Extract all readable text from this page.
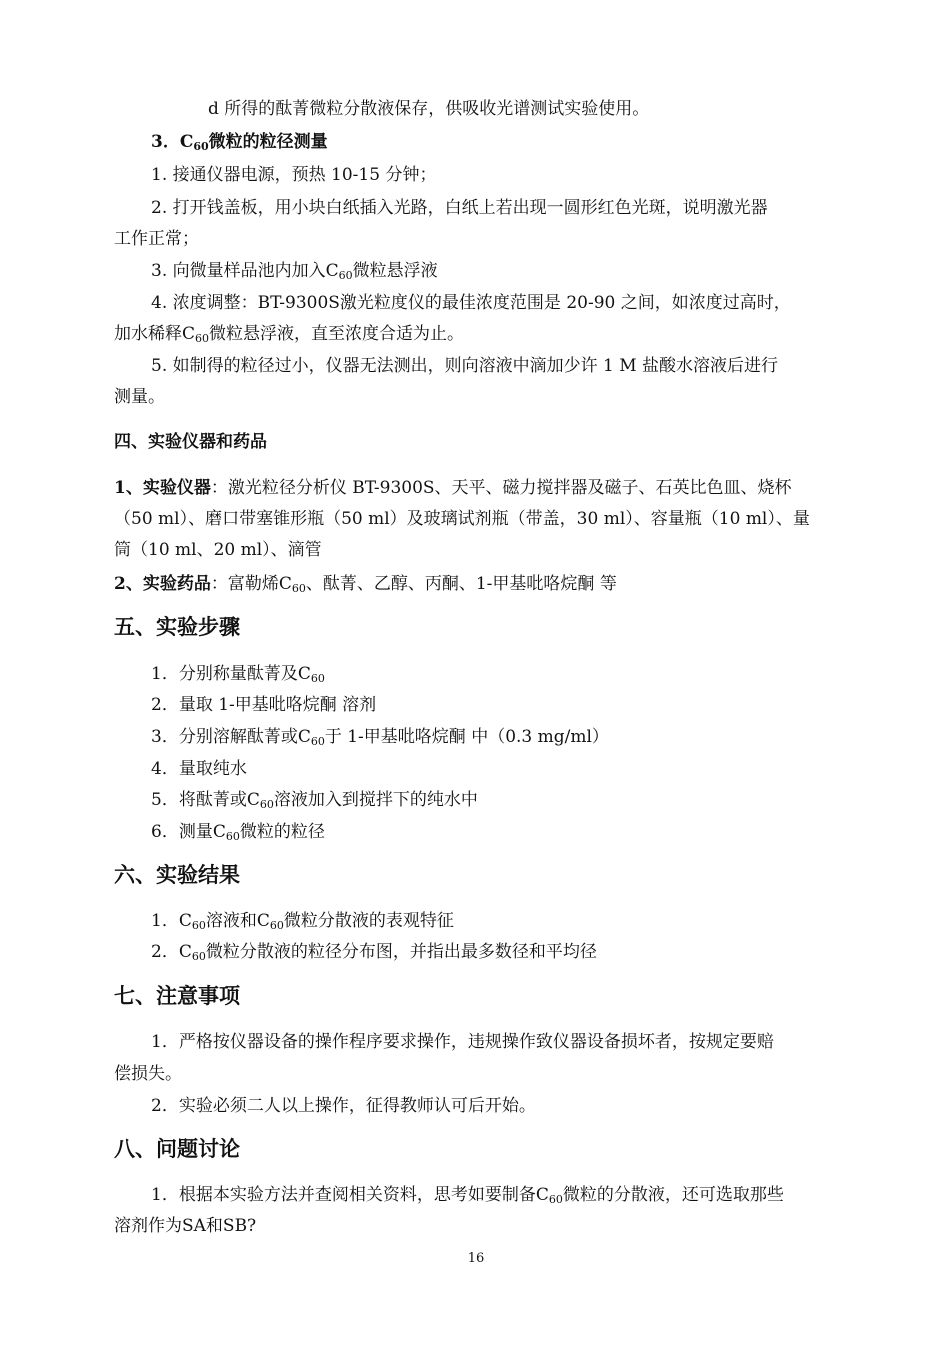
d 所得的酞菁微粒分散液保存，供吸收光谱测试实验使用。
3．$C_{60}$微粒的粒径测量
1. 接通仪器电源，预热 10-15 分钟；
2. 打开钱盖板，用小块白纸插入光路，白纸上若出现一圆形红色光斑，说明激光器
工作正常；
3. 向微量样品池内加入$C_{60}$微粒悬浮液
4. 浓度调整：BT-9300S激光粒度仪的最佳浓度范围是 20-90 之间，如浓度过高时，
加水稀释$C_{60}$微粒悬浮液，直至浓度合适为止。
5. 如制得的粒径过小，仪器无法测出，则向溶液中滴加少许 1 M 盐酸水溶液后进行
测量。
四、实验仪器和药品
1、实验仪器：激光粒径分析仪 BT-9300S、天平、磁力搅拌器及磁子、石英比色皿、烧杯
（50 ml）、磨口带塞锥形瓶（50 ml）及玻璃试剂瓶（带盖，30 ml）、容量瓶（10 ml）、量
筒（10 ml、20 ml）、滴管
2、实验药品：富勒烯$C_{60}$、酞菁、乙醇、丙酮、1-甲基吡咯烷酮 等
五、实验步骤
1．分别称量酞菁及$C_{60}$
2．量取 1-甲基吡咯烷酮 溶剂
3．分别溶解酞菁或$C_{60}$于 1-甲基吡咯烷酮 中（0.3 mg/ml）
4．量取纯水
5．将酞菁或$C_{60}$溶液加入到搅拌下的纯水中
6．测量$C_{60}$微粒的粒径
六、实验结果
1．$C_{60}$溶液和$C_{60}$微粒分散液的表观特征
2．$C_{60}$微粒分散液的粒径分布图，并指出最多数径和平均径
七、注意事项
1．严格按仪器设备的操作程序要求操作，违规操作致仪器设备损坏者，按规定要赔
偿损失。
2．实验必须二人以上操作，征得教师认可后开始。
八、问题讨论
1．根据本实验方法并查阅相关资料，思考如要制备$C_{60}$微粒的分散液，还可选取那些
溶剂作为SA和SB?
16
